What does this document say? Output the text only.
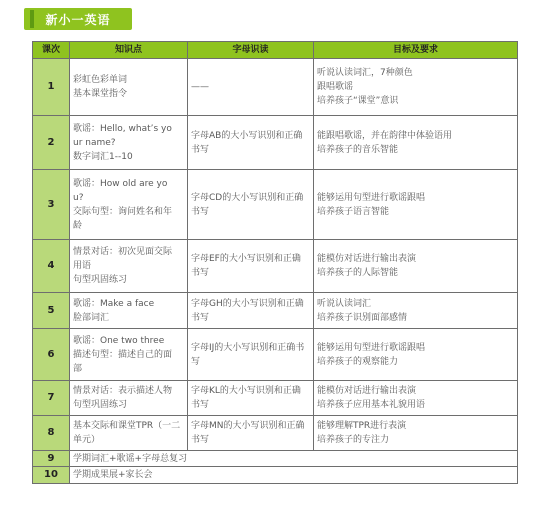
新小一英语
课次	知识点	字母识读	目标及要求
1	彩虹色彩单词
基本课堂指令	——	听说认读词汇，7种颜色
跟唱歌谣
培养孩子“课堂”意识

2	歌谣：Hello, what’s yo
ur name?
数字词汇1--10	字母AB的大小写识别和正确
书写	能跟唱歌谣，并在韵律中体验语用
培养孩子的音乐智能

3	歌谣：How old are yo
u?
交际句型：询问姓名和年
龄	字母CD的大小写识别和正确
书写	能够运用句型进行歌谣跟唱
培养孩子语言智能

4	情景对话：初次见面交际
用语
句型巩固练习	字母EF的大小写识别和正确
书写	能模仿对话进行输出表演
培养孩子的人际智能

5	歌谣：Make a face
脸部词汇	字母GH的大小写识别和正确
书写	听说认读词汇
培养孩子识别面部感情

6	歌谣：One two three
描述句型：描述自己的面
部	字母IJ的大小写识别和正确书
写	能够运用句型进行歌谣跟唱
培养孩子的观察能力

7	情景对话：表示描述人物
句型巩固练习	字母KL的大小写识别和正确
书写	能模仿对话进行输出表演
培养孩子应用基本礼貌用语

8	基本交际和课堂TPR（一二
单元）	字母MN的大小写识别和正确
书写	能够理解TPR进行表演
培养孩子的专注力

9	学期词汇+歌谣+字母总复习		
10	学期成果展+家长会		
